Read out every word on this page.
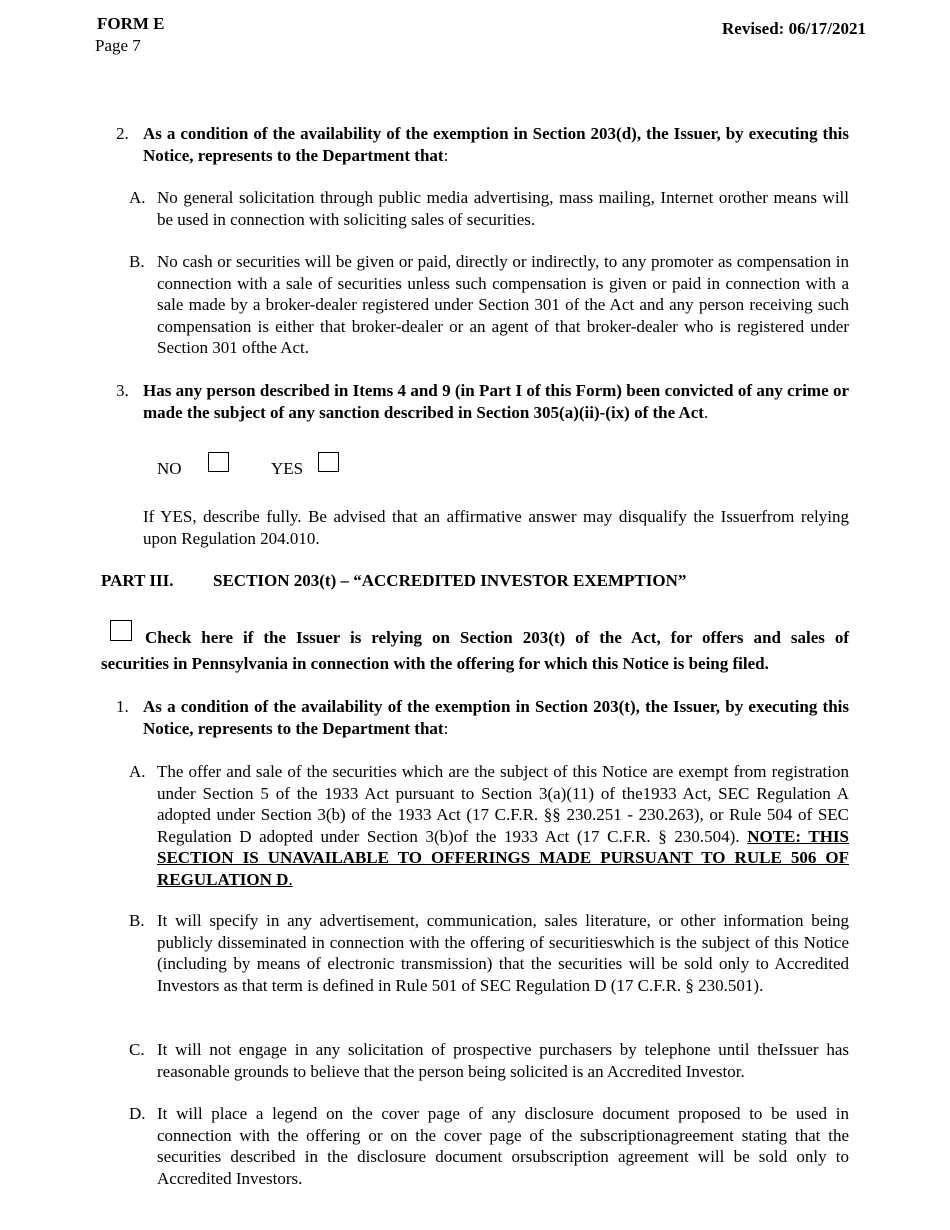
FORM E
Page 7
Revised: 06/17/2021
2. As a condition of the availability of the exemption in Section 203(d), the Issuer, by executing this Notice, represents to the Department that:
A. No general solicitation through public media advertising, mass mailing, Internet orother means will be used in connection with soliciting sales of securities.
B. No cash or securities will be given or paid, directly or indirectly, to any promoter as compensation in connection with a sale of securities unless such compensation is given or paid in connection with a sale made by a broker-dealer registered under Section 301 of the Act and any person receiving such compensation is either that broker-dealer or an agent of that broker-dealer who is registered under Section 301 ofthe Act.
3. Has any person described in Items 4 and 9 (in Part I of this Form) been convicted of any crime or made the subject of any sanction described in Section 305(a)(ii)-(ix) of the Act.
NO	YES
If YES, describe fully. Be advised that an affirmative answer may disqualify the Issuerfrom relying upon Regulation 204.010.
PART III. SECTION 203(t) – “ACCREDITED INVESTOR EXEMPTION”
Check here if the Issuer is relying on Section 203(t) of the Act, for offers and sales of
securities in Pennsylvania in connection with the offering for which this Notice is being filed.
1. As a condition of the availability of the exemption in Section 203(t), the Issuer, by executing this Notice, represents to the Department that:
A. The offer and sale of the securities which are the subject of this Notice are exempt from registration under Section 5 of the 1933 Act pursuant to Section 3(a)(11) of the1933 Act, SEC Regulation A adopted under Section 3(b) of the 1933 Act (17 C.F.R. §§ 230.251 - 230.263), or Rule 504 of SEC Regulation D adopted under Section 3(b)of the 1933 Act (17 C.F.R. § 230.504). NOTE: THIS SECTION IS UNAVAILABLE TO OFFERINGS MADE PURSUANT TO RULE 506 OF REGULATION D.
B. It will specify in any advertisement, communication, sales literature, or other information being publicly disseminated in connection with the offering of securitieswhich is the subject of this Notice (including by means of electronic transmission) that the securities will be sold only to Accredited Investors as that term is defined in Rule 501 of SEC Regulation D (17 C.F.R. § 230.501).
C. It will not engage in any solicitation of prospective purchasers by telephone until theIssuer has reasonable grounds to believe that the person being solicited is an Accredited Investor.
D. It will place a legend on the cover page of any disclosure document proposed to be used in connection with the offering or on the cover page of the subscriptionagreement stating that the securities described in the disclosure document orsubscription agreement will be sold only to Accredited Investors.
